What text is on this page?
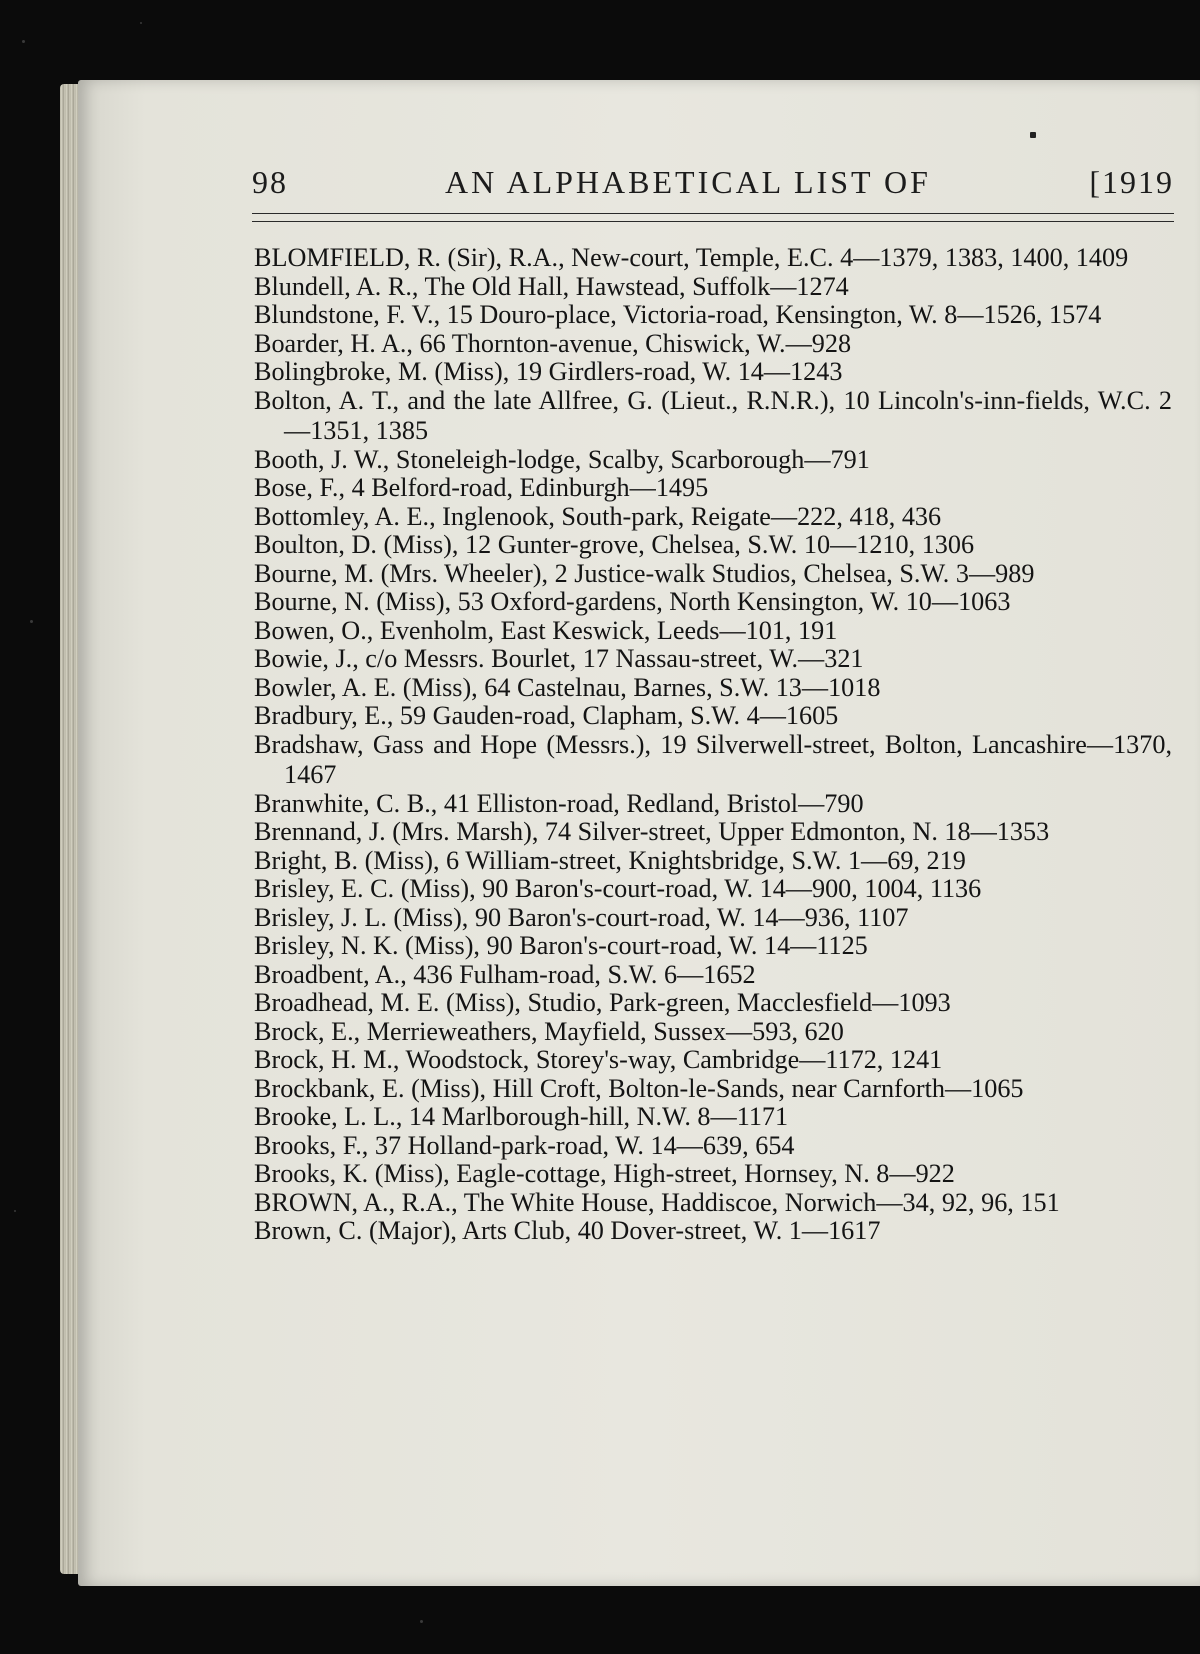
98	AN ALPHABETICAL LIST OF	[1919

BLOMFIELD, R. (Sir), R.A., New-court, Temple, E.C. 4—1379, 1383, 1400, 1409

Blundell, A. R., The Old Hall, Hawstead, Suffolk—1274

Blundstone, F. V., 15 Douro-place, Victoria-road, Kensington, W. 8—1526, 1574

Boarder, H. A., 66 Thornton-avenue, Chiswick, W.—928

Bolingbroke, M. (Miss), 19 Girdlers-road, W. 14—1243

Bolton, A. T., and the late Allfree, G. (Lieut., R.N.R.), 10 Lincoln's-inn-fields, W.C. 2—1351, 1385

Booth, J. W., Stoneleigh-lodge, Scalby, Scarborough—791

Bose, F., 4 Belford-road, Edinburgh—1495

Bottomley, A. E., Inglenook, South-park, Reigate—222, 418, 436

Boulton, D. (Miss), 12 Gunter-grove, Chelsea, S.W. 10—1210, 1306

Bourne, M. (Mrs. Wheeler), 2 Justice-walk Studios, Chelsea, S.W. 3—989

Bourne, N. (Miss), 53 Oxford-gardens, North Kensington, W. 10—1063

Bowen, O., Evenholm, East Keswick, Leeds—101, 191

Bowie, J., c/o Messrs. Bourlet, 17 Nassau-street, W.—321

Bowler, A. E. (Miss), 64 Castelnau, Barnes, S.W. 13—1018

Bradbury, E., 59 Gauden-road, Clapham, S.W. 4—1605

Bradshaw, Gass and Hope (Messrs.), 19 Silverwell-street, Bolton, Lancashire—1370, 1467

Branwhite, C. B., 41 Elliston-road, Redland, Bristol—790

Brennand, J. (Mrs. Marsh), 74 Silver-street, Upper Edmonton, N. 18—1353

Bright, B. (Miss), 6 William-street, Knightsbridge, S.W. 1—69, 219

Brisley, E. C. (Miss), 90 Baron's-court-road, W. 14—900, 1004, 1136

Brisley, J. L. (Miss), 90 Baron's-court-road, W. 14—936, 1107

Brisley, N. K. (Miss), 90 Baron's-court-road, W. 14—1125

Broadbent, A., 436 Fulham-road, S.W. 6—1652

Broadhead, M. E. (Miss), Studio, Park-green, Macclesfield—1093

Brock, E., Merrieweathers, Mayfield, Sussex—593, 620

Brock, H. M., Woodstock, Storey's-way, Cambridge—1172, 1241

Brockbank, E. (Miss), Hill Croft, Bolton-le-Sands, near Carnforth—1065

Brooke, L. L., 14 Marlborough-hill, N.W. 8—1171

Brooks, F., 37 Holland-park-road, W. 14—639, 654

Brooks, K. (Miss), Eagle-cottage, High-street, Hornsey, N. 8—922

BROWN, A., R.A., The White House, Haddiscoe, Norwich—34, 92, 96, 151

Brown, C. (Major), Arts Club, 40 Dover-street, W. 1—1617
